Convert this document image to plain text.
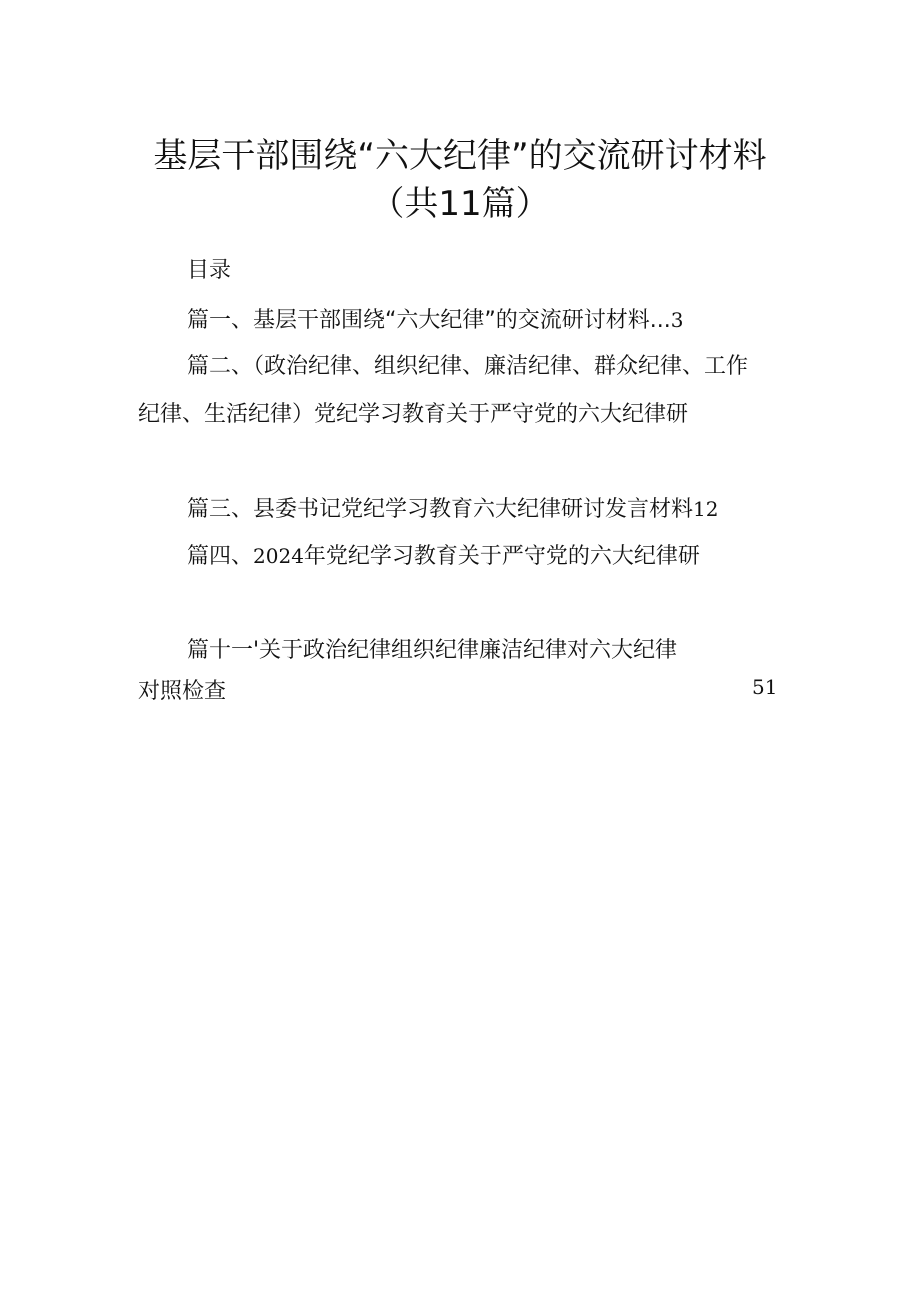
基层干部围绕“六大纪律”的交流研讨材料
（共11篇）
目录
篇一、基层干部围绕“六大纪律”的交流研讨材料...3
篇二、（政治纪律、组织纪律、廉洁纪律、群众纪律、工作
纪律、生活纪律）党纪学习教育关于严守党的六大纪律研
篇三、县委书记党纪学习教育六大纪律研讨发言材料12
篇四、2024年党纪学习教育关于严守党的六大纪律研
篇十一'关于政治纪律组织纪律廉洁纪律对六大纪律
对照检查	51
